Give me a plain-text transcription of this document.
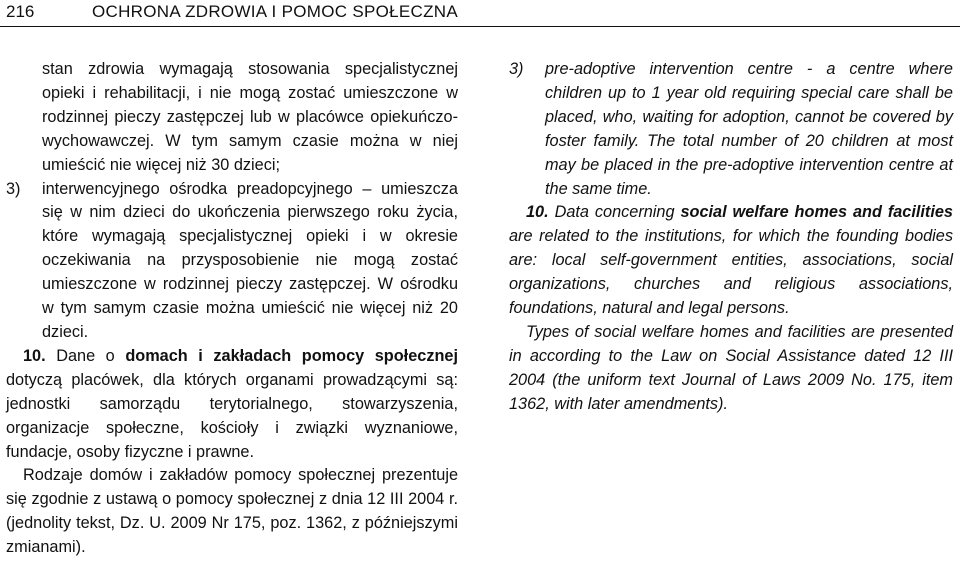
216	OCHRONA ZDROWIA I POMOC SPOŁECZNA

stan zdrowia wymagają stosowania specjalistycznej opieki i rehabilitacji, i nie mogą zostać umieszczone w rodzinnej pieczy zastępczej lub w placówce opiekuńczo-wychowawczej. W tym samym czasie można w niej umieścić nie więcej niż 30 dzieci;

3) interwencyjnego ośrodka preadopcyjnego – umieszcza się w nim dzieci do ukończenia pierwszego roku życia, które wymagają specjalistycznej opieki i w okresie oczekiwania na przysposobienie nie mogą zostać umieszczone w rodzinnej pieczy zastępczej. W ośrodku w tym samym czasie można umieścić nie więcej niż 20 dzieci.

10. Dane o domach i zakładach pomocy społecznej dotyczą placówek, dla których organami prowadzącymi są: jednostki samorządu terytorialnego, stowarzyszenia, organizacje społeczne, kościoły i związki wyznaniowe, fundacje, osoby fizyczne i prawne.

Rodzaje domów i zakładów pomocy społecznej prezentuje się zgodnie z ustawą o pomocy społecznej z dnia 12 III 2004 r. (jednolity tekst, Dz. U. 2009 Nr 175, poz. 1362, z późniejszymi zmianami).

3) pre-adoptive intervention centre - a centre where children up to 1 year old requiring special care shall be placed, who, waiting for adoption, cannot be covered by foster family. The total number of 20 children at most may be placed in the pre-adoptive intervention centre at the same time.

10. Data concerning social welfare homes and facilities are related to the institutions, for which the founding bodies are: local self-government entities, associations, social organizations, churches and religious associations, foundations, natural and legal persons.

Types of social welfare homes and facilities are presented in according to the Law on Social Assistance dated 12 III 2004 (the uniform text Journal of Laws 2009 No. 175, item 1362, with later amendments).
